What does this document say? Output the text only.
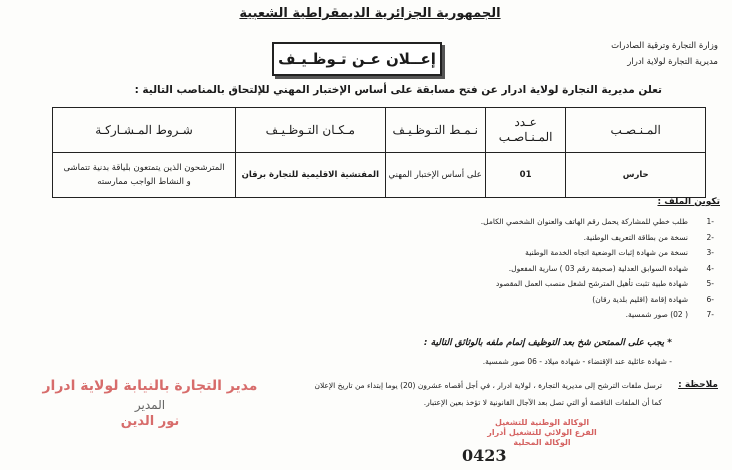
الجمهورية الجزائرية الديمقراطية الشعبية
وزارة التجارة وترقية الصادرات
مديرية التجارة لولاية ادرار
إعــلان عـن تـوظـيـف
تعلن مديرية التجارة لولاية ادرار عن فتح مسابقة على أساس الإختبار المهني للإلتحاق بالمناصب التالية :
المـنـصـب	عـدد المـنـاصـب	نـمـط التـوظـيـف	مـكـان التـوظـيـف	شـروط المـشـاركـة
حارس	01	على أساس الإختبار المهني	المفتشية الاقليمية للتجارة برقان	المترشحون الذين يتمتعون بلياقة بدنية تتماشى
و النشاط الواجب ممارسته
تكوين الملف :
-1
طلب خطي للمشاركة يحمل رقم الهاتف والعنوان الشخصي الكامل.
-2
نسخة من بطاقة التعريف الوطنية.
-3
نسخة من شهادة إثبات الوضعية اتجاه الخدمة الوطنية
-4
شهادة السوابق العدلية (صحيفة رقم 03 ) سارية المفعول.
-5
شهادة طبية تثبت تأهيل المترشح لشغل منصب العمل المقصود
-6
شهادة إقامة (اقليم بلدية رقان)
-7
( 02) صور شمسية.
* يجب على الممتحن شخ بعد التوظيف إتمام ملفه بالوثائق التالية :
- شهادة عائلية عند الإقتضاء - شهادة ميلاد - 06 صور شمسية.
ملاحظة :
ترسل ملفات الترشح إلى مديرية التجارة ، لولاية ادرار ، في أجل أقصاه عشرون (20) يوما إبتداء من تاريخ الإعلان
كما أن الملفات الناقصة أو التي تصل بعد الآجال القانونية لا تؤخذ بعين الإعتبار.
مدير التجارة بالنيابة لولاية ادرار
المدير
نور الدين	الوكالة الوطنية للتشغيل
الفرع الولائي للتشغيل أدرار
الوكالة المحلية
0423
